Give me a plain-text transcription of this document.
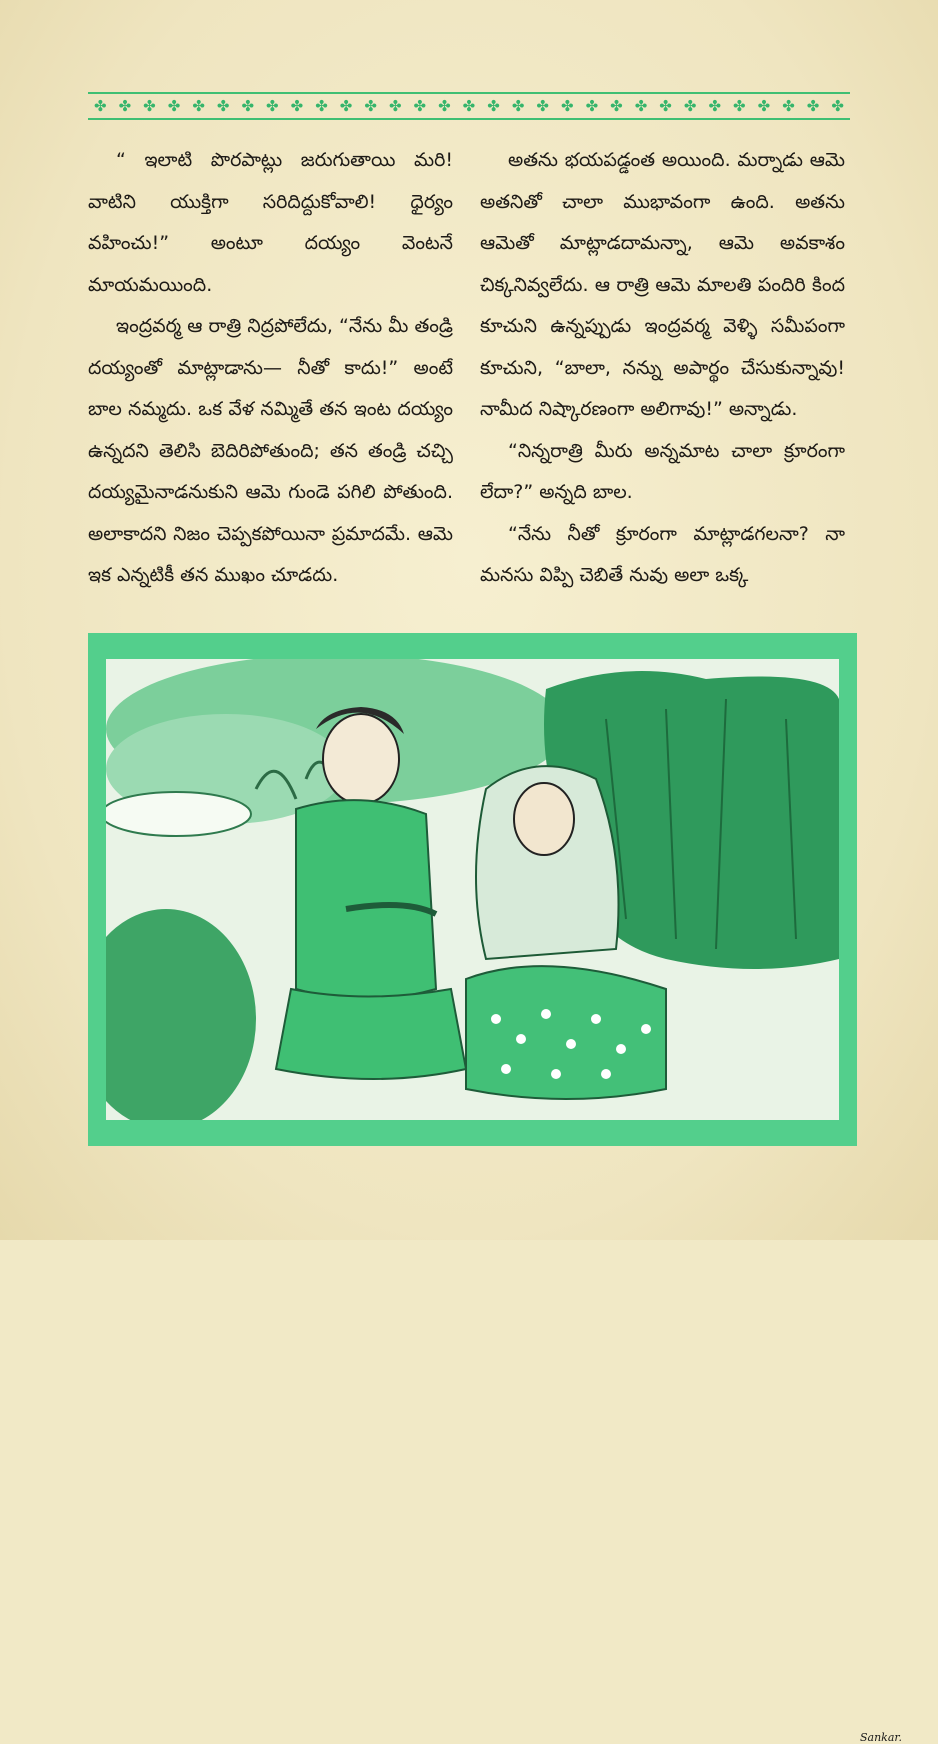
✤ ✤ ✤ ✤ ✤ ✤ ✤ ✤ ✤ ✤ ✤ ✤ ✤ ✤ ✤ ✤ ✤ ✤ ✤ ✤ ✤ ✤ ✤ ✤ ✤ ✤ ✤ ✤ ✤ ✤ ✤

“ ఇలాటి పొరపాట్లు జరుగుతాయి మరి! వాటిని యుక్తిగా సరిదిద్దుకోవాలి! ధైర్యం వహించు!” అంటూ దయ్యం వెంటనే మాయమయింది.

ఇంద్రవర్మ ఆ రాత్రి నిద్రపోలేదు, “నేను మీ తండ్రి దయ్యంతో మాట్లాడాను— నీతో కాదు!” అంటే బాల నమ్మదు. ఒక వేళ నమ్మితే తన ఇంట దయ్యం ఉన్నదని తెలిసి బెదిరిపోతుంది; తన తండ్రి చచ్చి దయ్యమైనాడనుకుని ఆమె గుండె పగిలి పోతుంది. అలాకాదని నిజం చెప్పకపోయినా ప్రమాదమే. ఆమె ఇక ఎన్నటికీ తన ముఖం చూడదు.

అతను భయపడ్డంత అయింది. మర్నాడు ఆమె అతనితో చాలా ముభావంగా ఉంది. అతను ఆమెతో మాట్లాడదామన్నా, ఆమె అవకాశం చిక్కనివ్వలేదు. ఆ రాత్రి ఆమె మాలతి పందిరి కింద కూచుని ఉన్నప్పుడు ఇంద్రవర్మ వెళ్ళి సమీపంగా కూచుని, “బాలా, నన్ను అపార్థం చేసుకున్నావు! నామీద నిష్కారణంగా అలిగావు!” అన్నాడు.

“నిన్నరాత్రి మీరు అన్నమాట చాలా క్రూరంగా లేదా?” అన్నది బాల.

“నేను నీతో క్రూరంగా మాట్లాడగలనా? నా మనసు విప్పి చెబితే నువు అలా ఒక్క

Sankar.
